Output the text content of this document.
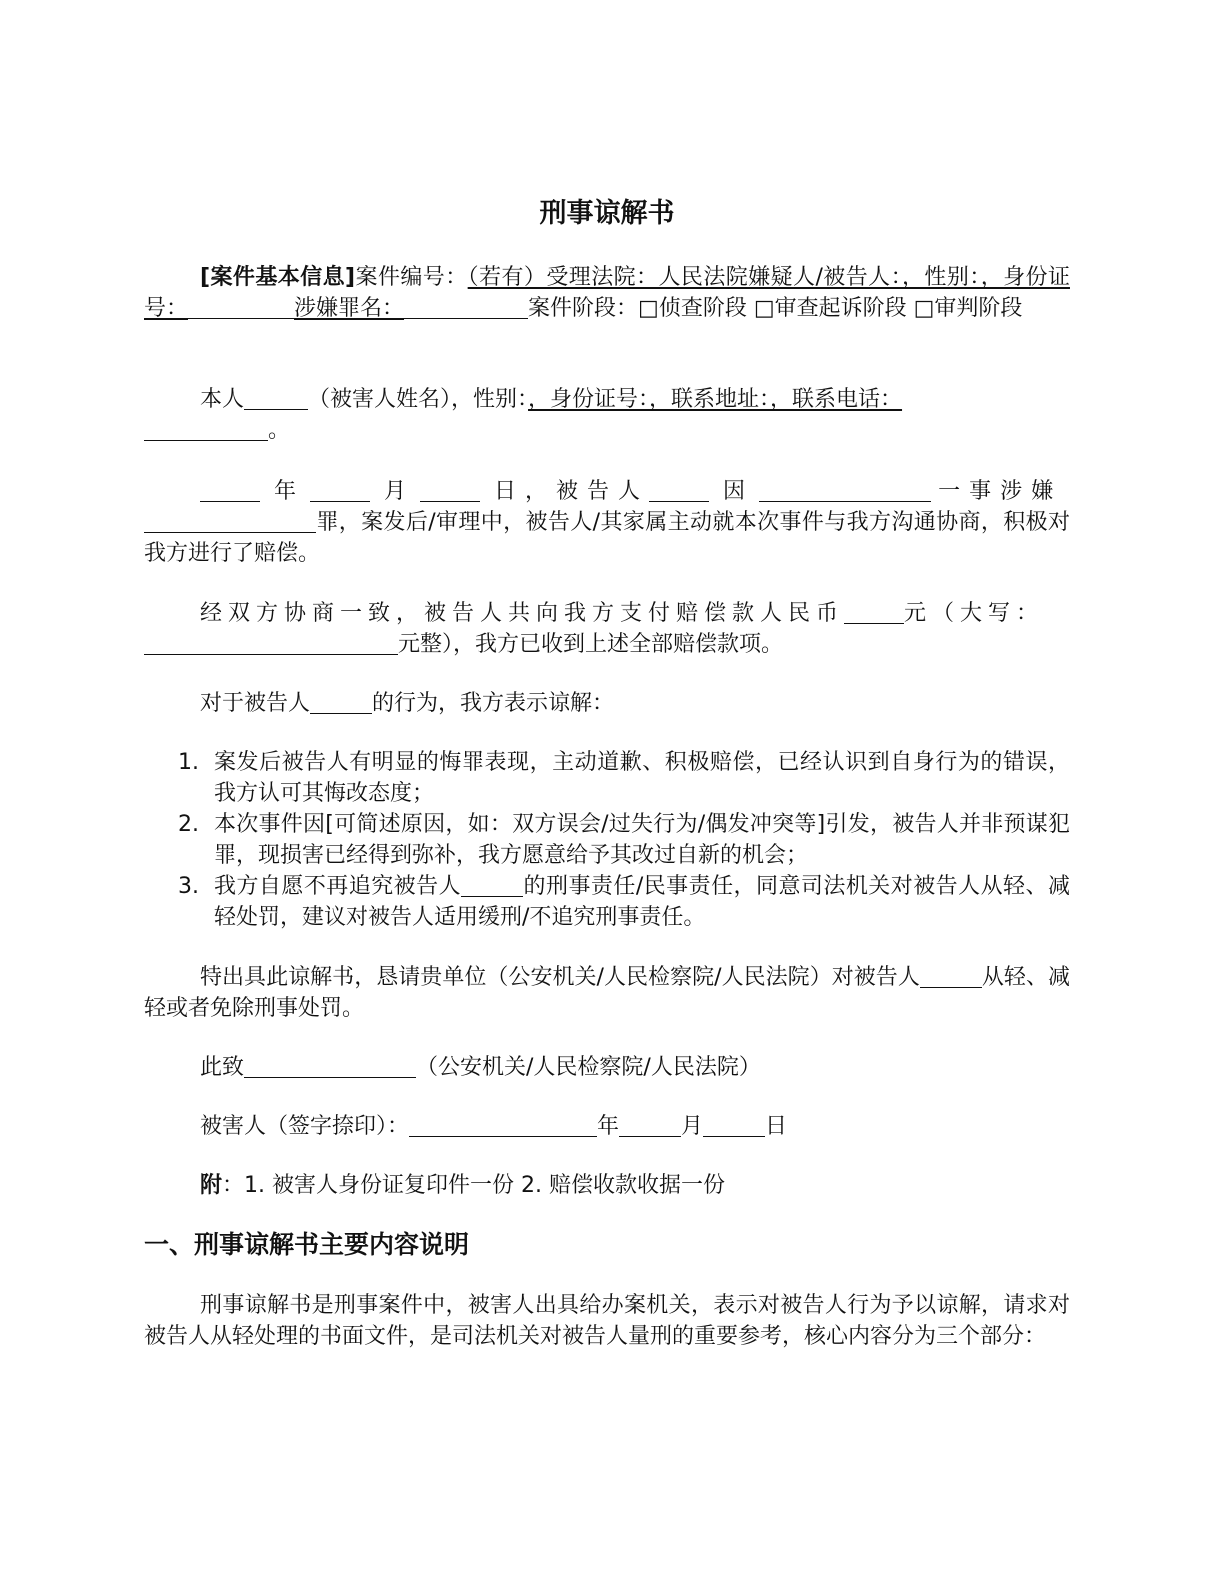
刑事谅解书
[案件基本信息]案件编号：（若有）受理法院：人民法院嫌疑人/被告人：，性别：，身份证号：	涉嫌罪名：	案件阶段：□侦查阶段 □审查起诉阶段 □审判阶段
本人	（被害人姓名），性别：，身份证号：，联系地址：，联系电话：
。
年	月	日，被告人	因	一事涉嫌
罪，案发后/审理中，被告人/其家属主动就本次事件与我方沟通协商，积极对我方进行了赔偿。
经双方协商一致，被告人共向我方支付赔偿款人民币	元（大写：
元整），我方已收到上述全部赔偿款项。
对于被告人	的行为，我方表示谅解：
1. 案发后被告人有明显的悔罪表现，主动道歉、积极赔偿，已经认识到自身行为的错误，我方认可其悔改态度；
2. 本次事件因[可简述原因，如：双方误会/过失行为/偶发冲突等]引发，被告人并非预谋犯罪，现损害已经得到弥补，我方愿意给予其改过自新的机会；
3. 我方自愿不再追究被告人	的刑事责任/民事责任，同意司法机关对被告人从轻、减轻处罚，建议对被告人适用缓刑/不追究刑事责任。
特出具此谅解书，恳请贵单位（公安机关/人民检察院/人民法院）对被告人	从轻、减轻或者免除刑事处罚。
此致	（公安机关/人民检察院/人民法院）
被害人（签字捺印）：	年	月	日
附：1. 被害人身份证复印件一份 2. 赔偿收款收据一份
一、刑事谅解书主要内容说明
刑事谅解书是刑事案件中，被害人出具给办案机关，表示对被告人行为予以谅解，请求对被告人从轻处理的书面文件，是司法机关对被告人量刑的重要参考，核心内容分为三个部分：
